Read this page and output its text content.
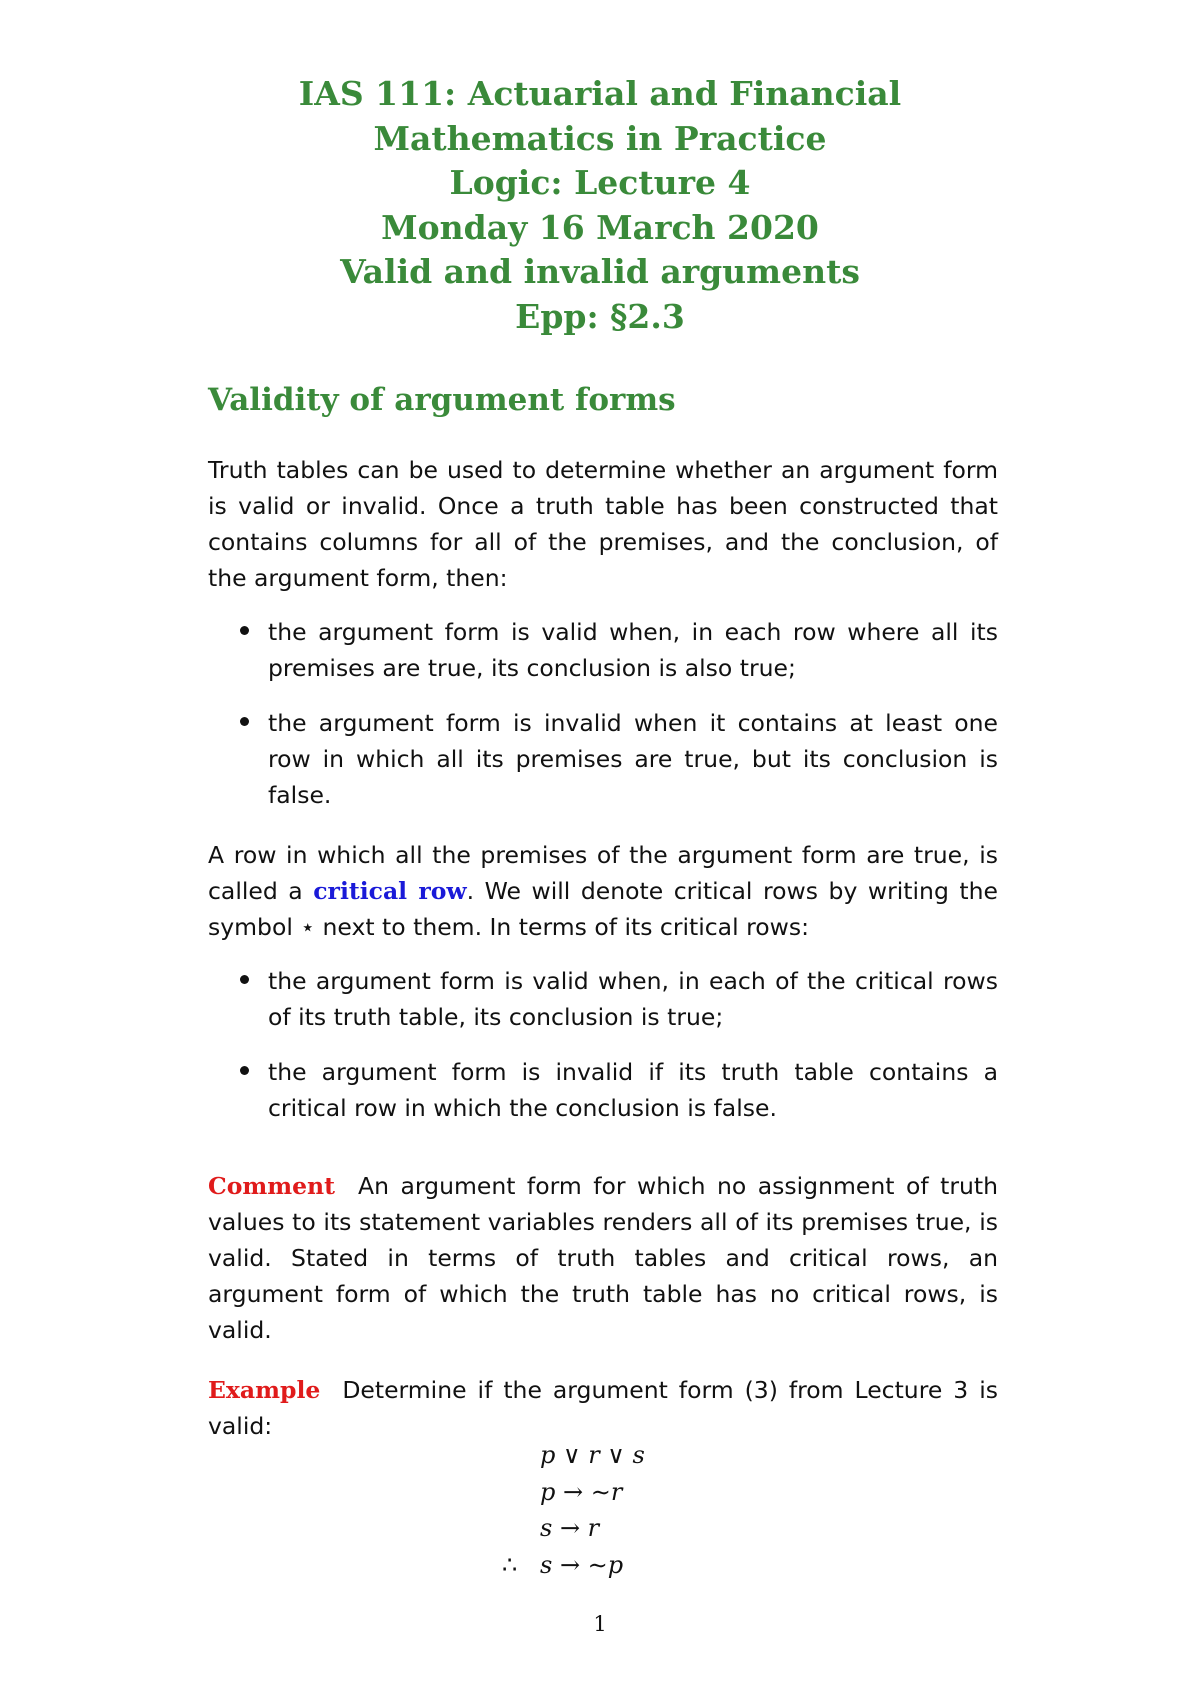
IAS 111: Actuarial and Financial
Mathematics in Practice
Logic: Lecture 4
Monday 16 March 2020
Valid and invalid arguments
Epp: §2.3
Validity of argument forms
Truth tables can be used to determine whether an argument form is valid or invalid. Once a truth table has been constructed that contains columns for all of the premises, and the conclusion, of the argument form, then:
the argument form is valid when, in each row where all its premises are true, its conclusion is also true;
the argument form is invalid when it contains at least one row in which all its premises are true, but its conclusion is false.
A row in which all the premises of the argument form are true, is called a critical row. We will denote critical rows by writing the symbol ⋆ next to them. In terms of its critical rows:
the argument form is valid when, in each of the critical rows of its truth table, its conclusion is true;
the argument form is invalid if its truth table contains a critical row in which the conclusion is false.
Comment An argument form for which no assignment of truth values to its statement variables renders all of its premises true, is valid. Stated in terms of truth tables and critical rows, an argument form of which the truth table has no critical rows, is valid.
Example Determine if the argument form (3) from Lecture 3 is valid:
p ∨ r ∨ s
p → ∼r
s → r
∴ s → ∼p
1
